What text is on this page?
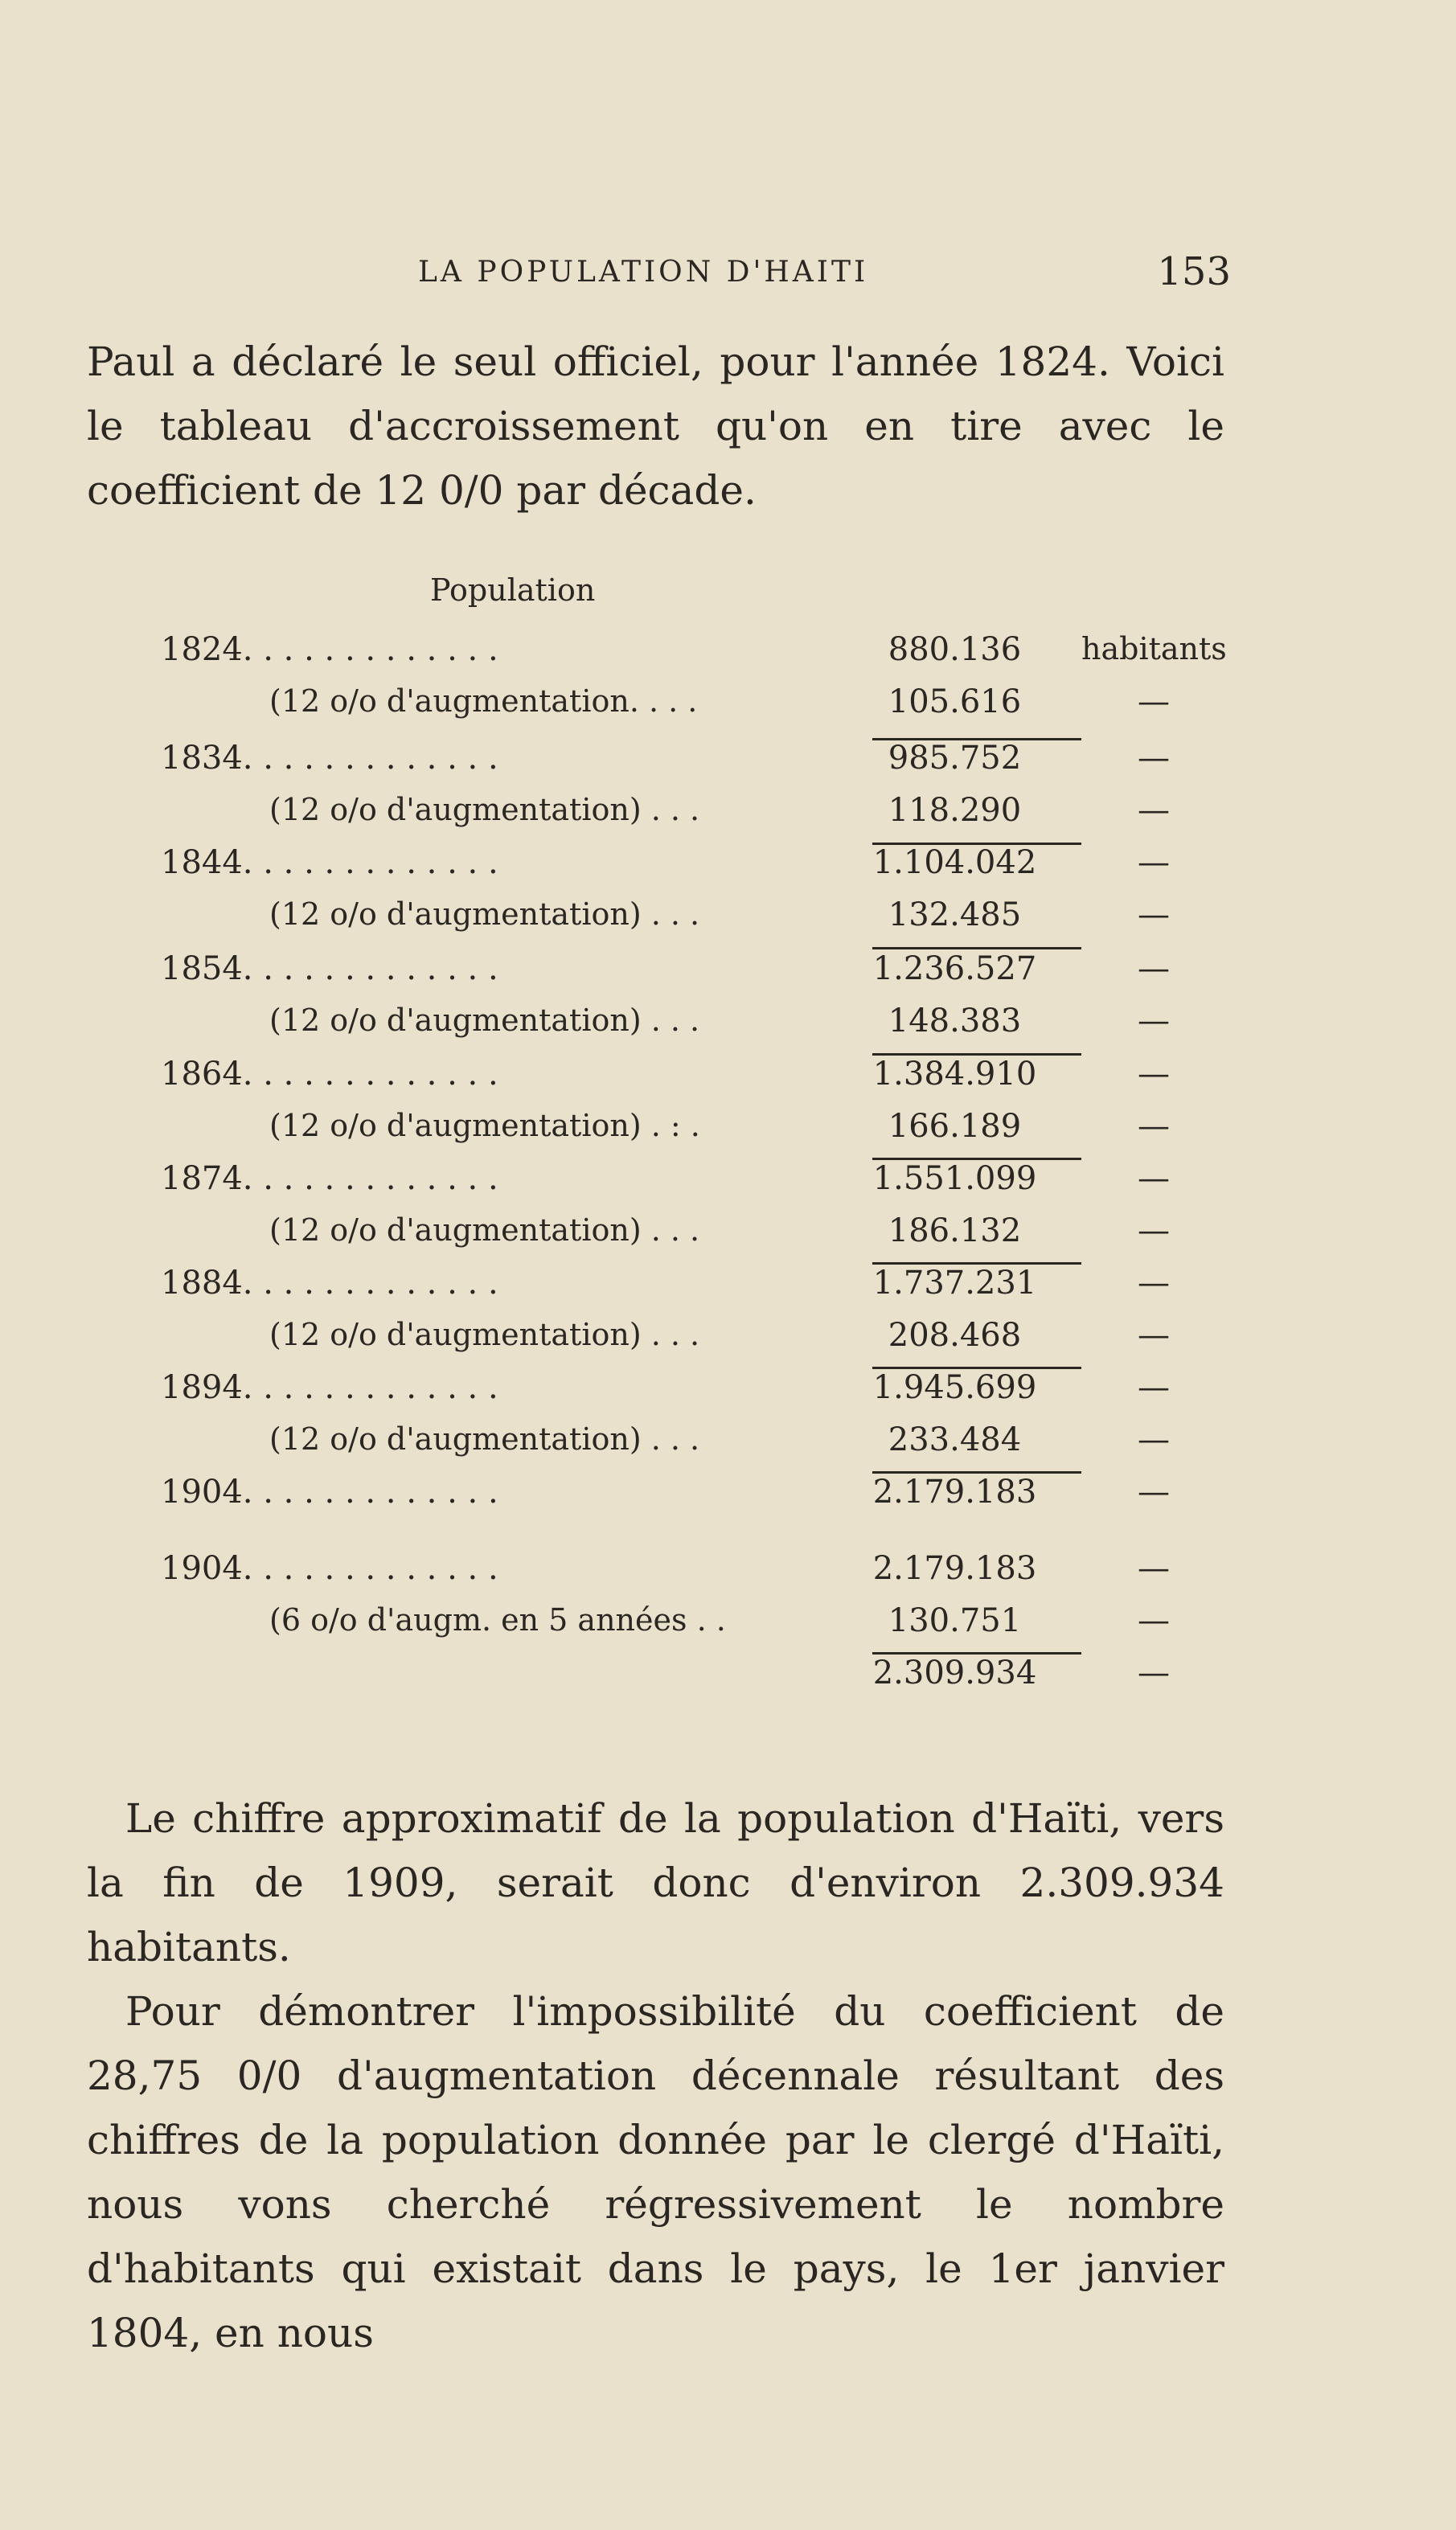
LA POPULATION D'HAITI	153
Paul a déclaré le seul officiel, pour l'année 1824. Voici le tableau d'accroissement qu'on en tire avec le coefficient de 12 0/0 par décade.
Population
1824. . . . . . . . . . . . .	880.136	habitants
(12 o/o d'augmentation. . . .	105.616	—
1834. . . . . . . . . . . . .	985.752	—
(12 o/o d'augmentation) . . .	118.290	—
1844. . . . . . . . . . . . .	1.104.042	—
(12 o/o d'augmentation) . . .	132.485	—
1854. . . . . . . . . . . . .	1.236.527	—
(12 o/o d'augmentation) . . .	148.383	—
1864. . . . . . . . . . . . .	1.384.910	—
(12 o/o d'augmentation) . : .	166.189	—
1874. . . . . . . . . . . . .	1.551.099	—
(12 o/o d'augmentation) . . .	186.132	—
1884. . . . . . . . . . . . .	1.737.231	—
(12 o/o d'augmentation) . . .	208.468	—
1894. . . . . . . . . . . . .	1.945.699	—
(12 o/o d'augmentation) . . .	233.484	—
1904. . . . . . . . . . . . .	2.179.183	—
1904. . . . . . . . . . . . .	2.179.183	—
(6 o/o d'augm. en 5 années . .	130.751	—
2.309.934	—
Le chiffre approximatif de la population d'Haïti, vers la fin de 1909, serait donc d'environ 2.309.934 habitants.
Pour démontrer l'impossibilité du coefficient de 28,75 0/0 d'augmentation décennale résultant des chiffres de la population donnée par le clergé d'Haïti, nous vons cherché régressivement le nombre d'habitants qui existait dans le pays, le 1er janvier 1804, en nous
